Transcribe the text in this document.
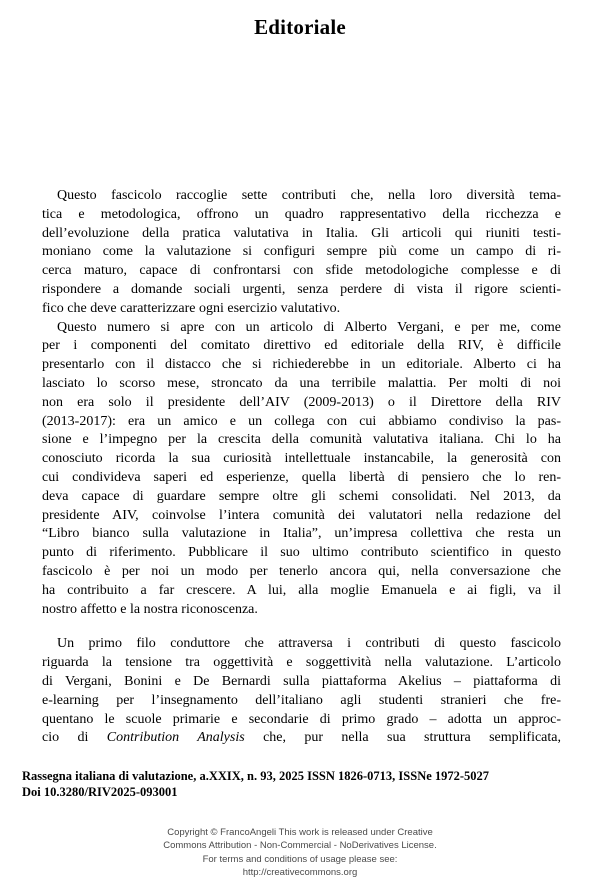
Editoriale
Questo fascicolo raccoglie sette contributi che, nella loro diversità tema-
tica e metodologica, offrono un quadro rappresentativo della ricchezza e
dell’evoluzione della pratica valutativa in Italia. Gli articoli qui riuniti testi-
moniano come la valutazione si configuri sempre più come un campo di ri-
cerca maturo, capace di confrontarsi con sfide metodologiche complesse e di
rispondere a domande sociali urgenti, senza perdere di vista il rigore scienti-
fico che deve caratterizzare ogni esercizio valutativo.
Questo numero si apre con un articolo di Alberto Vergani, e per me, come
per i componenti del comitato direttivo ed editoriale della RIV, è difficile
presentarlo con il distacco che si richiederebbe in un editoriale. Alberto ci ha
lasciato lo scorso mese, stroncato da una terribile malattia. Per molti di noi
non era solo il presidente dell’AIV (2009-2013) o il Direttore della RIV
(2013-2017): era un amico e un collega con cui abbiamo condiviso la pas-
sione e l’impegno per la crescita della comunità valutativa italiana. Chi lo ha
conosciuto ricorda la sua curiosità intellettuale instancabile, la generosità con
cui condivideva saperi ed esperienze, quella libertà di pensiero che lo ren-
deva capace di guardare sempre oltre gli schemi consolidati. Nel 2013, da
presidente AIV, coinvolse l’intera comunità dei valutatori nella redazione del
“Libro bianco sulla valutazione in Italia”, un’impresa collettiva che resta un
punto di riferimento. Pubblicare il suo ultimo contributo scientifico in questo
fascicolo è per noi un modo per tenerlo ancora qui, nella conversazione che
ha contribuito a far crescere. A lui, alla moglie Emanuela e ai figli, va il
nostro affetto e la nostra riconoscenza.
Un primo filo conduttore che attraversa i contributi di questo fascicolo
riguarda la tensione tra oggettività e soggettività nella valutazione. L’articolo
di Vergani, Bonini e De Bernardi sulla piattaforma Akelius – piattaforma di
e-learning per l’insegnamento dell’italiano agli studenti stranieri che fre-
quentano le scuole primarie e secondarie di primo grado – adotta un approc-
cio di Contribution Analysis che, pur nella sua struttura semplificata,
Rassegna italiana di valutazione, a.XXIX, n. 93, 2025 ISSN 1826-0713, ISSNe 1972-5027
Doi 10.3280/RIV2025-093001
Copyright © FrancoAngeli This work is released under Creative
Commons Attribution - Non-Commercial - NoDerivatives License.
For terms and conditions of usage please see:
http://creativecommons.org
